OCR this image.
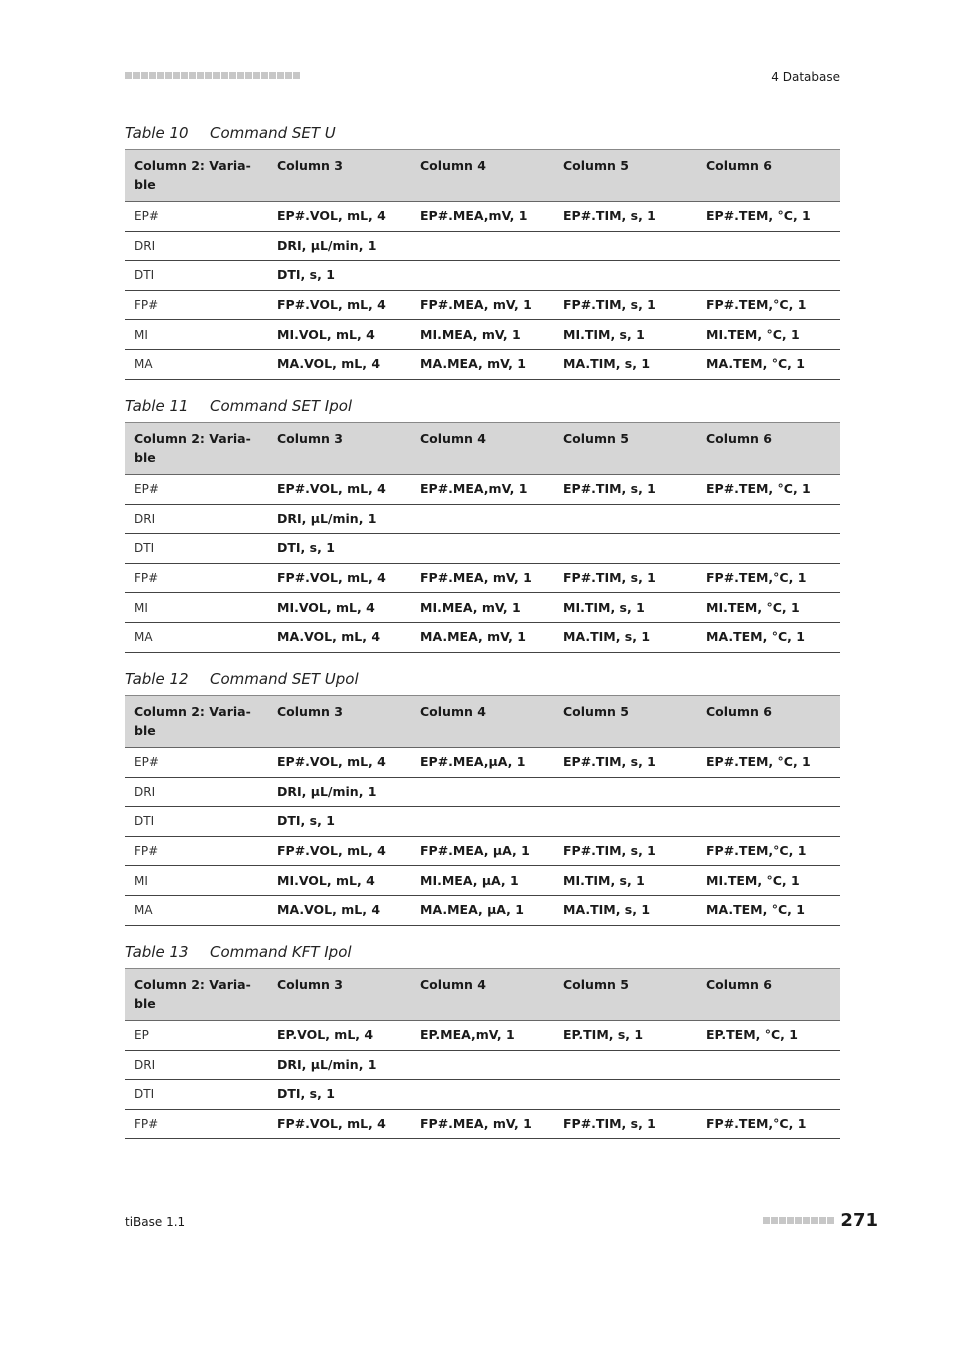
4 Database
Table 10 Command SET U
Column 2: Varia-
ble	Column 3	Column 4	Column 5	Column 6
EP#	EP#.VOL, mL, 4	EP#.MEA,mV, 1	EP#.TIM, s, 1	EP#.TEM, °C, 1
DRI	DRI, µL/min, 1			
DTI	DTI, s, 1			
FP#	FP#.VOL, mL, 4	FP#.MEA, mV, 1	FP#.TIM, s, 1	FP#.TEM,°C, 1
MI	MI.VOL, mL, 4	MI.MEA, mV, 1	MI.TIM, s, 1	MI.TEM, °C, 1
MA	MA.VOL, mL, 4	MA.MEA, mV, 1	MA.TIM, s, 1	MA.TEM, °C, 1
Table 11 Command SET Ipol
Column 2: Varia-
ble	Column 3	Column 4	Column 5	Column 6
EP#	EP#.VOL, mL, 4	EP#.MEA,mV, 1	EP#.TIM, s, 1	EP#.TEM, °C, 1
DRI	DRI, µL/min, 1			
DTI	DTI, s, 1			
FP#	FP#.VOL, mL, 4	FP#.MEA, mV, 1	FP#.TIM, s, 1	FP#.TEM,°C, 1
MI	MI.VOL, mL, 4	MI.MEA, mV, 1	MI.TIM, s, 1	MI.TEM, °C, 1
MA	MA.VOL, mL, 4	MA.MEA, mV, 1	MA.TIM, s, 1	MA.TEM, °C, 1
Table 12 Command SET Upol
Column 2: Varia-
ble	Column 3	Column 4	Column 5	Column 6
EP#	EP#.VOL, mL, 4	EP#.MEA,µA, 1	EP#.TIM, s, 1	EP#.TEM, °C, 1
DRI	DRI, µL/min, 1			
DTI	DTI, s, 1			
FP#	FP#.VOL, mL, 4	FP#.MEA, µA, 1	FP#.TIM, s, 1	FP#.TEM,°C, 1
MI	MI.VOL, mL, 4	MI.MEA, µA, 1	MI.TIM, s, 1	MI.TEM, °C, 1
MA	MA.VOL, mL, 4	MA.MEA, µA, 1	MA.TIM, s, 1	MA.TEM, °C, 1
Table 13 Command KFT Ipol
Column 2: Varia-
ble	Column 3	Column 4	Column 5	Column 6
EP	EP.VOL, mL, 4	EP.MEA,mV, 1	EP.TIM, s, 1	EP.TEM, °C, 1
DRI	DRI, µL/min, 1			
DTI	DTI, s, 1			
FP#	FP#.VOL, mL, 4	FP#.MEA, mV, 1	FP#.TIM, s, 1	FP#.TEM,°C, 1
tiBase 1.1	271
